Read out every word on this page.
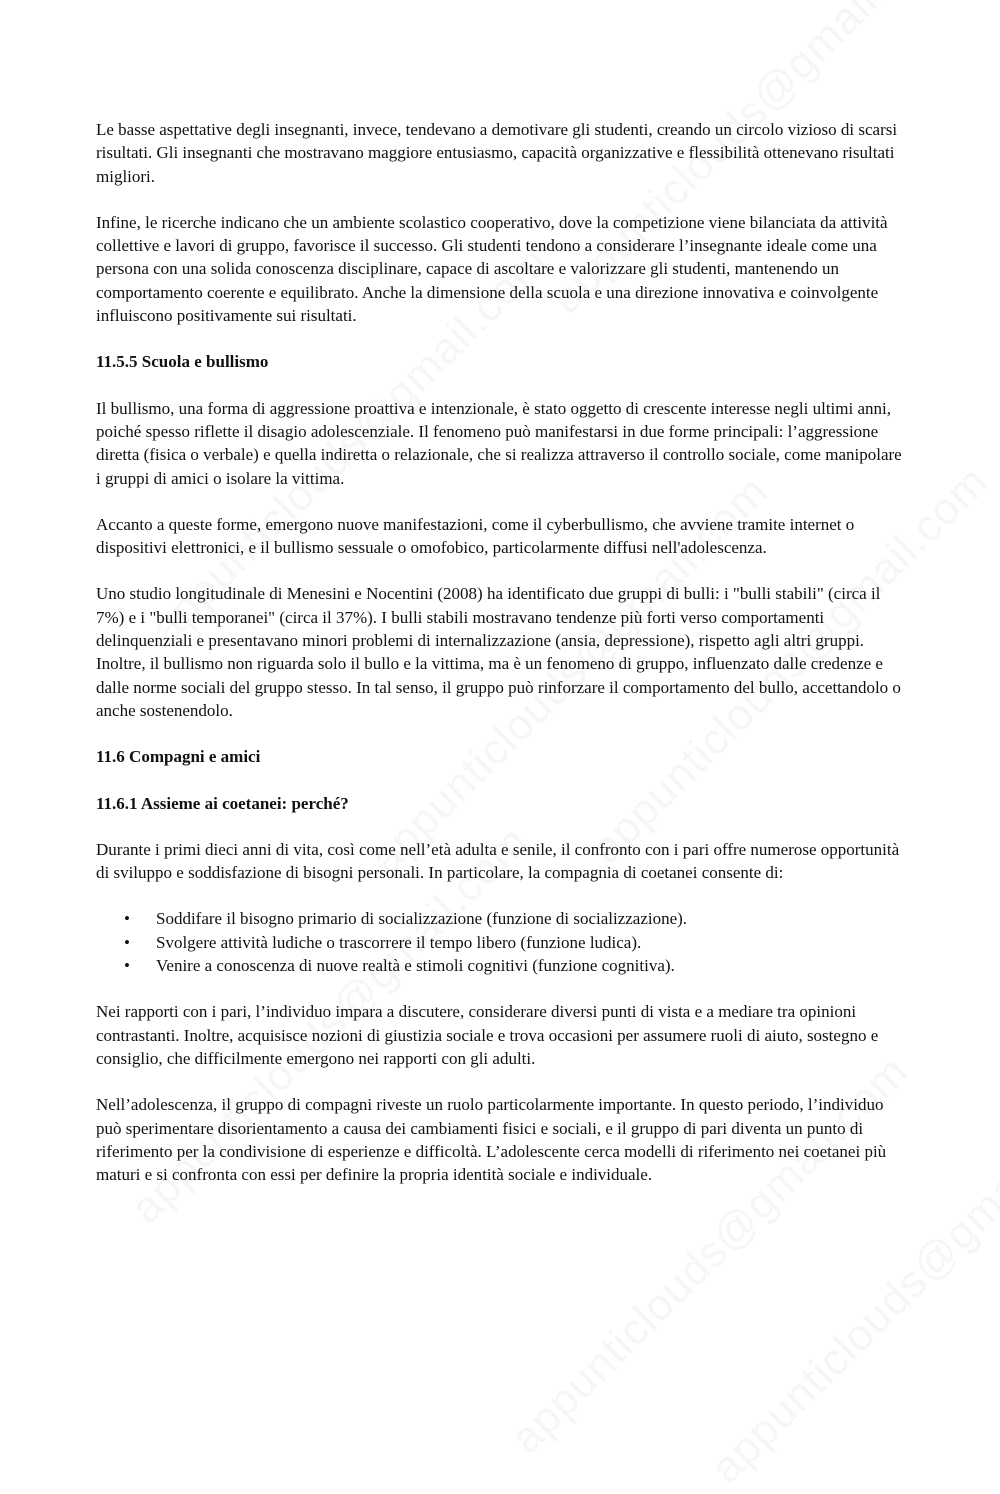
Le basse aspettative degli insegnanti, invece, tendevano a demotivare gli studenti, creando un circolo vizioso di scarsi risultati. Gli insegnanti che mostravano maggiore entusiasmo, capacità organizzative e flessibilità ottenevano risultati migliori.

Infine, le ricerche indicano che un ambiente scolastico cooperativo, dove la competizione viene bilanciata da attività collettive e lavori di gruppo, favorisce il successo. Gli studenti tendono a considerare l’insegnante ideale come una persona con una solida conoscenza disciplinare, capace di ascoltare e valorizzare gli studenti, mantenendo un comportamento coerente e equilibrato. Anche la dimensione della scuola e una direzione innovativa e coinvolgente influiscono positivamente sui risultati.

11.5.5 Scuola e bullismo

Il bullismo, una forma di aggressione proattiva e intenzionale, è stato oggetto di crescente interesse negli ultimi anni, poiché spesso riflette il disagio adolescenziale. Il fenomeno può manifestarsi in due forme principali: l’aggressione diretta (fisica o verbale) e quella indiretta o relazionale, che si realizza attraverso il controllo sociale, come manipolare i gruppi di amici o isolare la vittima.

Accanto a queste forme, emergono nuove manifestazioni, come il cyberbullismo, che avviene tramite internet o dispositivi elettronici, e il bullismo sessuale o omofobico, particolarmente diffusi nell'adolescenza.

Uno studio longitudinale di Menesini e Nocentini (2008) ha identificato due gruppi di bulli: i "bulli stabili" (circa il 7%) e i "bulli temporanei" (circa il 37%). I bulli stabili mostravano tendenze più forti verso comportamenti delinquenziali e presentavano minori problemi di internalizzazione (ansia, depressione), rispetto agli altri gruppi. Inoltre, il bullismo non riguarda solo il bullo e la vittima, ma è un fenomeno di gruppo, influenzato dalle credenze e dalle norme sociali del gruppo stesso. In tal senso, il gruppo può rinforzare il comportamento del bullo, accettandolo o anche sostenendolo.

11.6 Compagni e amici
11.6.1 Assieme ai coetanei: perché?

Durante i primi dieci anni di vita, così come nell’età adulta e senile, il confronto con i pari offre numerose opportunità di sviluppo e soddisfazione di bisogni personali. In particolare, la compagnia di coetanei consente di:

• Soddifare il bisogno primario di socializzazione (funzione di socializzazione).
• Svolgere attività ludiche o trascorrere il tempo libero (funzione ludica).
• Venire a conoscenza di nuove realtà e stimoli cognitivi (funzione cognitiva).

Nei rapporti con i pari, l’individuo impara a discutere, considerare diversi punti di vista e a mediare tra opinioni contrastanti. Inoltre, acquisisce nozioni di giustizia sociale e trova occasioni per assumere ruoli di aiuto, sostegno e consiglio, che difficilmente emergono nei rapporti con gli adulti.

Nell’adolescenza, il gruppo di compagni riveste un ruolo particolarmente importante. In questo periodo, l’individuo può sperimentare disorientamento a causa dei cambiamenti fisici e sociali, e il gruppo di pari diventa un punto di riferimento per la condivisione di esperienze e difficoltà. L’adolescente cerca modelli di riferimento nei coetanei più maturi e si confronta con essi per definire la propria identità sociale e individuale.
